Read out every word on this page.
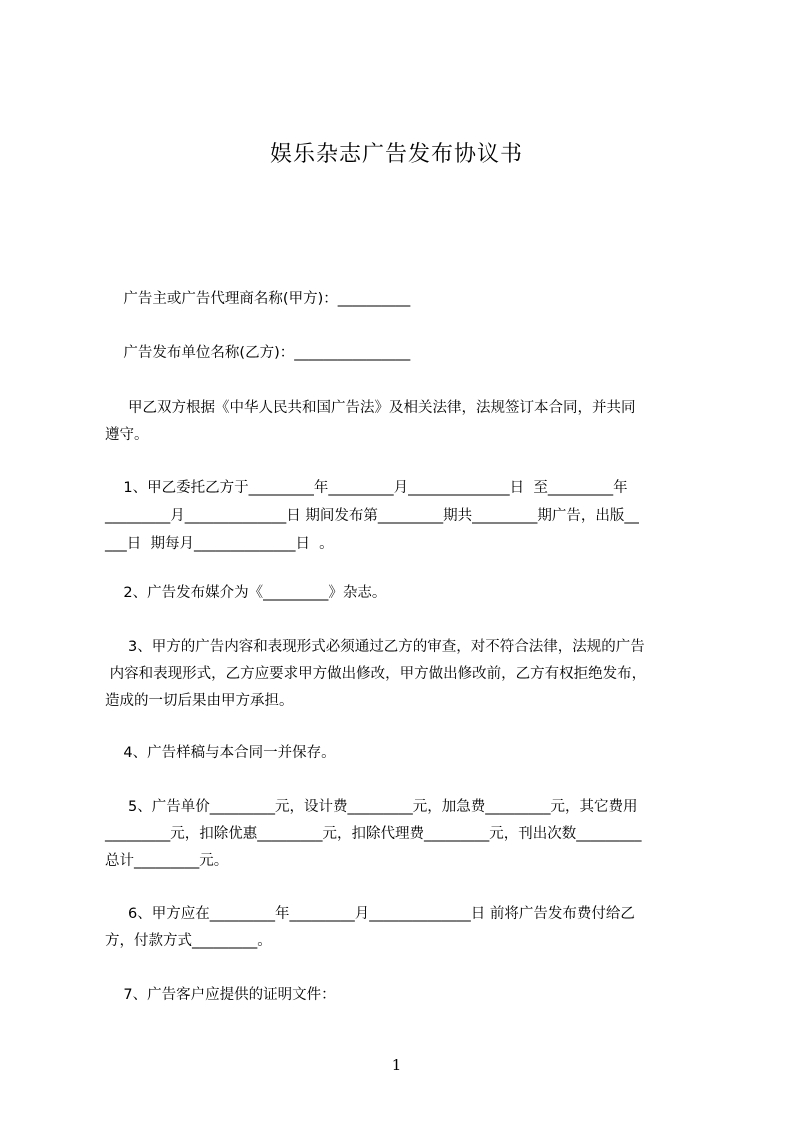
娱乐杂志广告发布协议书
广告主或广告代理商名称(甲方)：__________
广告发布单位名称(乙方)：________________
甲乙双方根据《中华人民共和国广告法》及相关法律，法规签订本合同，并共同
遵守。
1、甲乙委托乙方于_________年_________月______________日  至_________年
_________月______________日 期间发布第_________期共_________期广告，出版__
___日  期每月______________日  。
2、广告发布媒介为《_________》杂志。
3、甲方的广告内容和表现形式必须通过乙方的审查，对不符合法律，法规的广告
内容和表现形式，乙方应要求甲方做出修改，甲方做出修改前，乙方有权拒绝发布，
造成的一切后果由甲方承担。
4、广告样稿与本合同一并保存。
5、广告单价_________元，设计费_________元，加急费_________元，其它费用
_________元，扣除优惠_________元，扣除代理费_________元，刊出次数_________
总计_________元。
6、甲方应在_________年_________月______________日 前将广告发布费付给乙
方，付款方式_________。
7、广告客户应提供的证明文件：
1
